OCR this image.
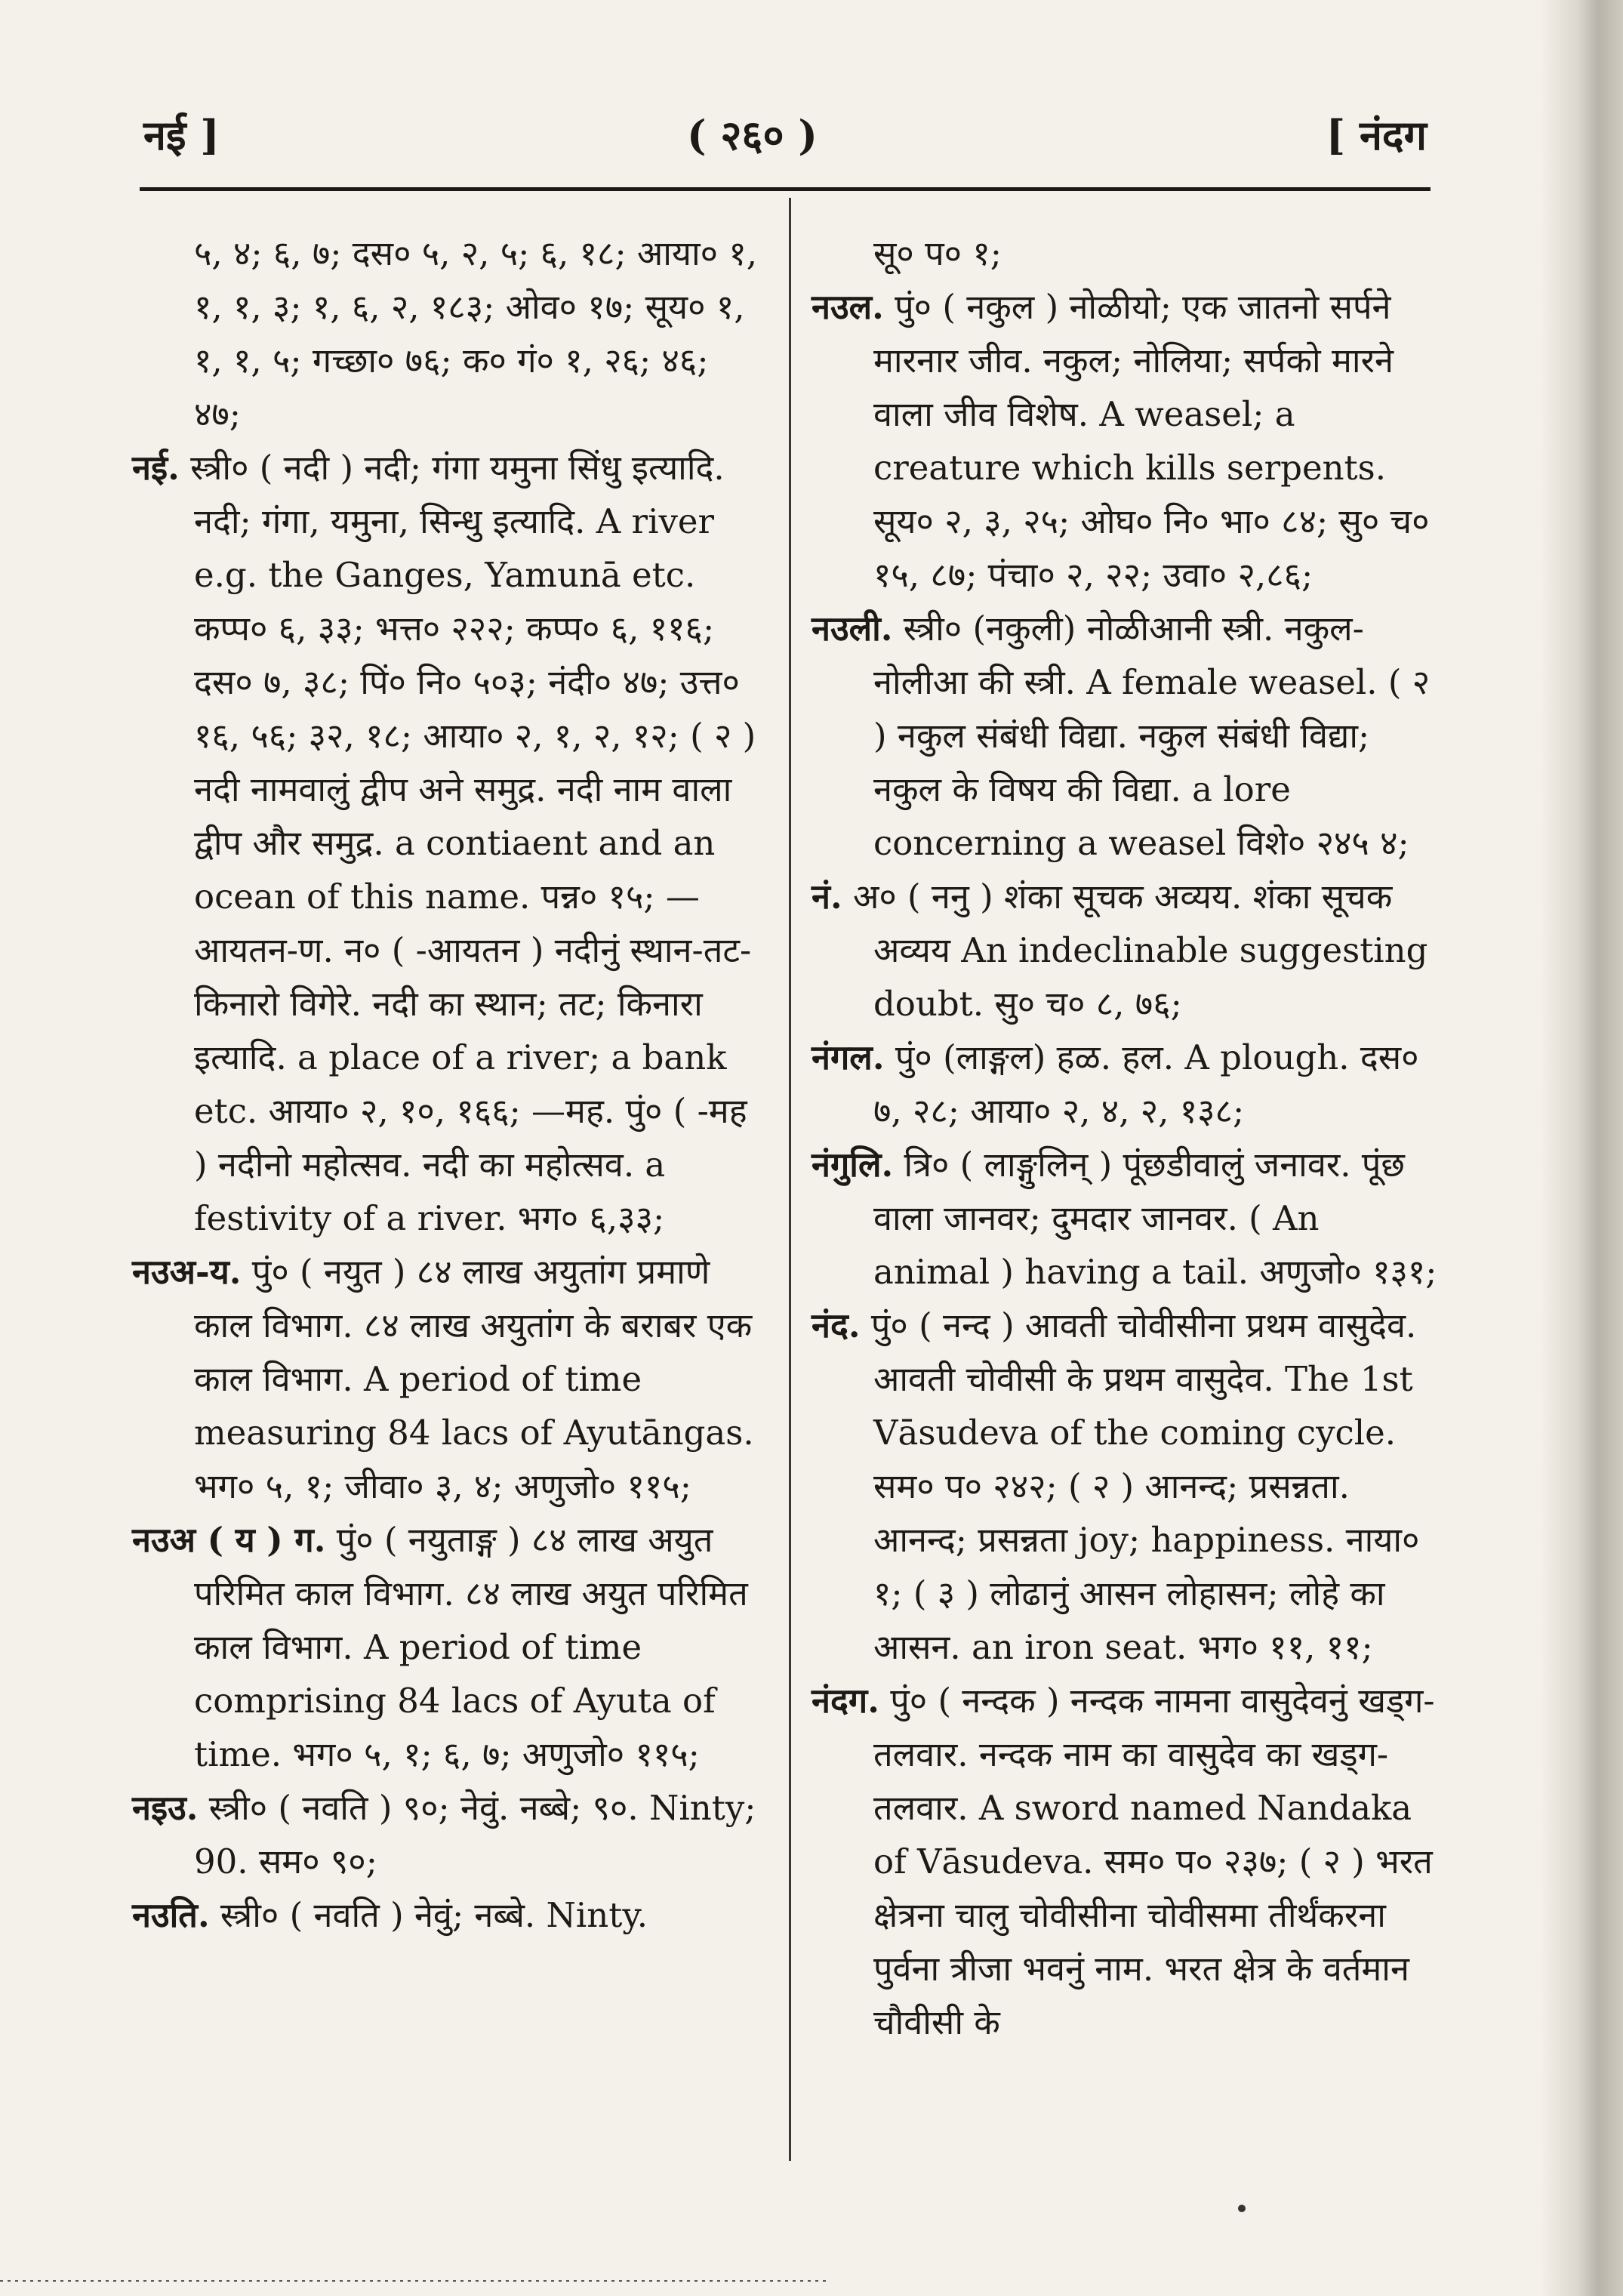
नई ]	( २६० )	[ नंदग

५, ४; ६, ७; दस० ५, २, ५; ६, १८; आया० १, १, १, ३; १, ६, २, १८३; ओव० १७; सूय० १, १, १, ५; गच्छा० ७६; क० गं० १, २६; ४६; ४७;

नई. स्त्री० ( नदी ) नदी; गंगा यमुना सिंधु इत्यादि. नदी; गंगा, यमुना, सिन्धु इत्यादि. A river e.g. the Ganges, Yamunā etc. कप्प० ६, ३३; भत्त० २२२; कप्प० ६, ११६; दस० ७, ३८; पिं० नि० ५०३; नंदी० ४७; उत्त० १६, ५६; ३२, १८; आया० २, १, २, १२; ( २ ) नदी नामवालुं द्वीप अने समुद्र. नदी नाम वाला द्वीप और समुद्र. a contiaent and an ocean of this name. पन्न० १५; —आयतन-ण. न० ( -आयतन ) नदीनुं स्थान-तट-किनारो विगेरे. नदी का स्थान; तट; किनारा इत्यादि. a place of a river; a bank etc. आया० २, १०, १६६; —मह. पुं० ( -मह ) नदीनो महोत्सव. नदी का महोत्सव. a festivity of a river. भग० ६,३३;

नउअ-य. पुं० ( नयुत ) ८४ लाख अयुतांग प्रमाणे काल विभाग. ८४ लाख अयुतांग के बराबर एक काल विभाग. A period of time measuring 84 lacs of Ayutāngas. भग० ५, १; जीवा० ३, ४; अणुजो० ११५;

नउअ ( य ) ग. पुं० ( नयुताङ्ग ) ८४ लाख अयुत परिमित काल विभाग. ८४ लाख अयुत परिमित काल विभाग. A period of time comprising 84 lacs of Ayuta of time. भग० ५, १; ६, ७; अणुजो० ११५;

नइउ. स्त्री० ( नवति ) ९०; नेवुं. नब्बे; ९०. Ninty; 90. सम० ९०;

नउति. स्त्री० ( नवति ) नेवुं; नब्बे. Ninty.

सू० प० १;

नउल. पुं० ( नकुल ) नोळीयो; एक जातनो सर्पने मारनार जीव. नकुल; नोलिया; सर्पको मारने वाला जीव विशेष. A weasel; a creature which kills serpents. सूय० २, ३, २५; ओघ० नि० भा० ८४; सु० च० १५, ८७; पंचा० २, २२; उवा० २,८६;

नउली. स्त्री० (नकुली) नोळीआनी स्त्री. नकुल-नोलीआ की स्त्री. A female weasel. ( २ ) नकुल संबंधी विद्या. नकुल संबंधी विद्या; नकुल के विषय की विद्या. a lore concerning a weasel विशे० २४५ ४;

नं. अ० ( ननु ) शंका सूचक अव्यय. शंका सूचक अव्यय An indeclinable suggesting doubt. सु० च० ८, ७६;

नंगल. पुं० (लाङ्गल) हळ. हल. A plough. दस० ७, २८; आया० २, ४, २, १३८;

नंगुलि. त्रि० ( लाङ्गुलिन् ) पूंछडीवालुं जनावर. पूंछ वाला जानवर; दुमदार जानवर. ( An animal ) having a tail. अणुजो० १३१;

नंद. पुं० ( नन्द ) आवती चोवीसीना प्रथम वासुदेव. आवती चोवीसी के प्रथम वासुदेव. The 1st Vāsudeva of the coming cycle. सम० प० २४२; ( २ ) आनन्द; प्रसन्नता. आनन्द; प्रसन्नता joy; happiness. नाया० १; ( ३ ) लोढानुं आसन लोहासन; लोहे का आसन. an iron seat. भग० ११, ११;

नंदग. पुं० ( नन्दक ) नन्दक नामना वासुदेवनुं खड्ग-तलवार. नन्दक नाम का वासुदेव का खड्ग-तलवार. A sword named Nandaka of Vāsudeva. सम० प० २३७; ( २ ) भरत क्षेत्रना चालु चोवीसीना चोवीसमा तीर्थंकरना पुर्वना त्रीजा भवनुं नाम. भरत क्षेत्र के वर्तमान चौवीसी के
